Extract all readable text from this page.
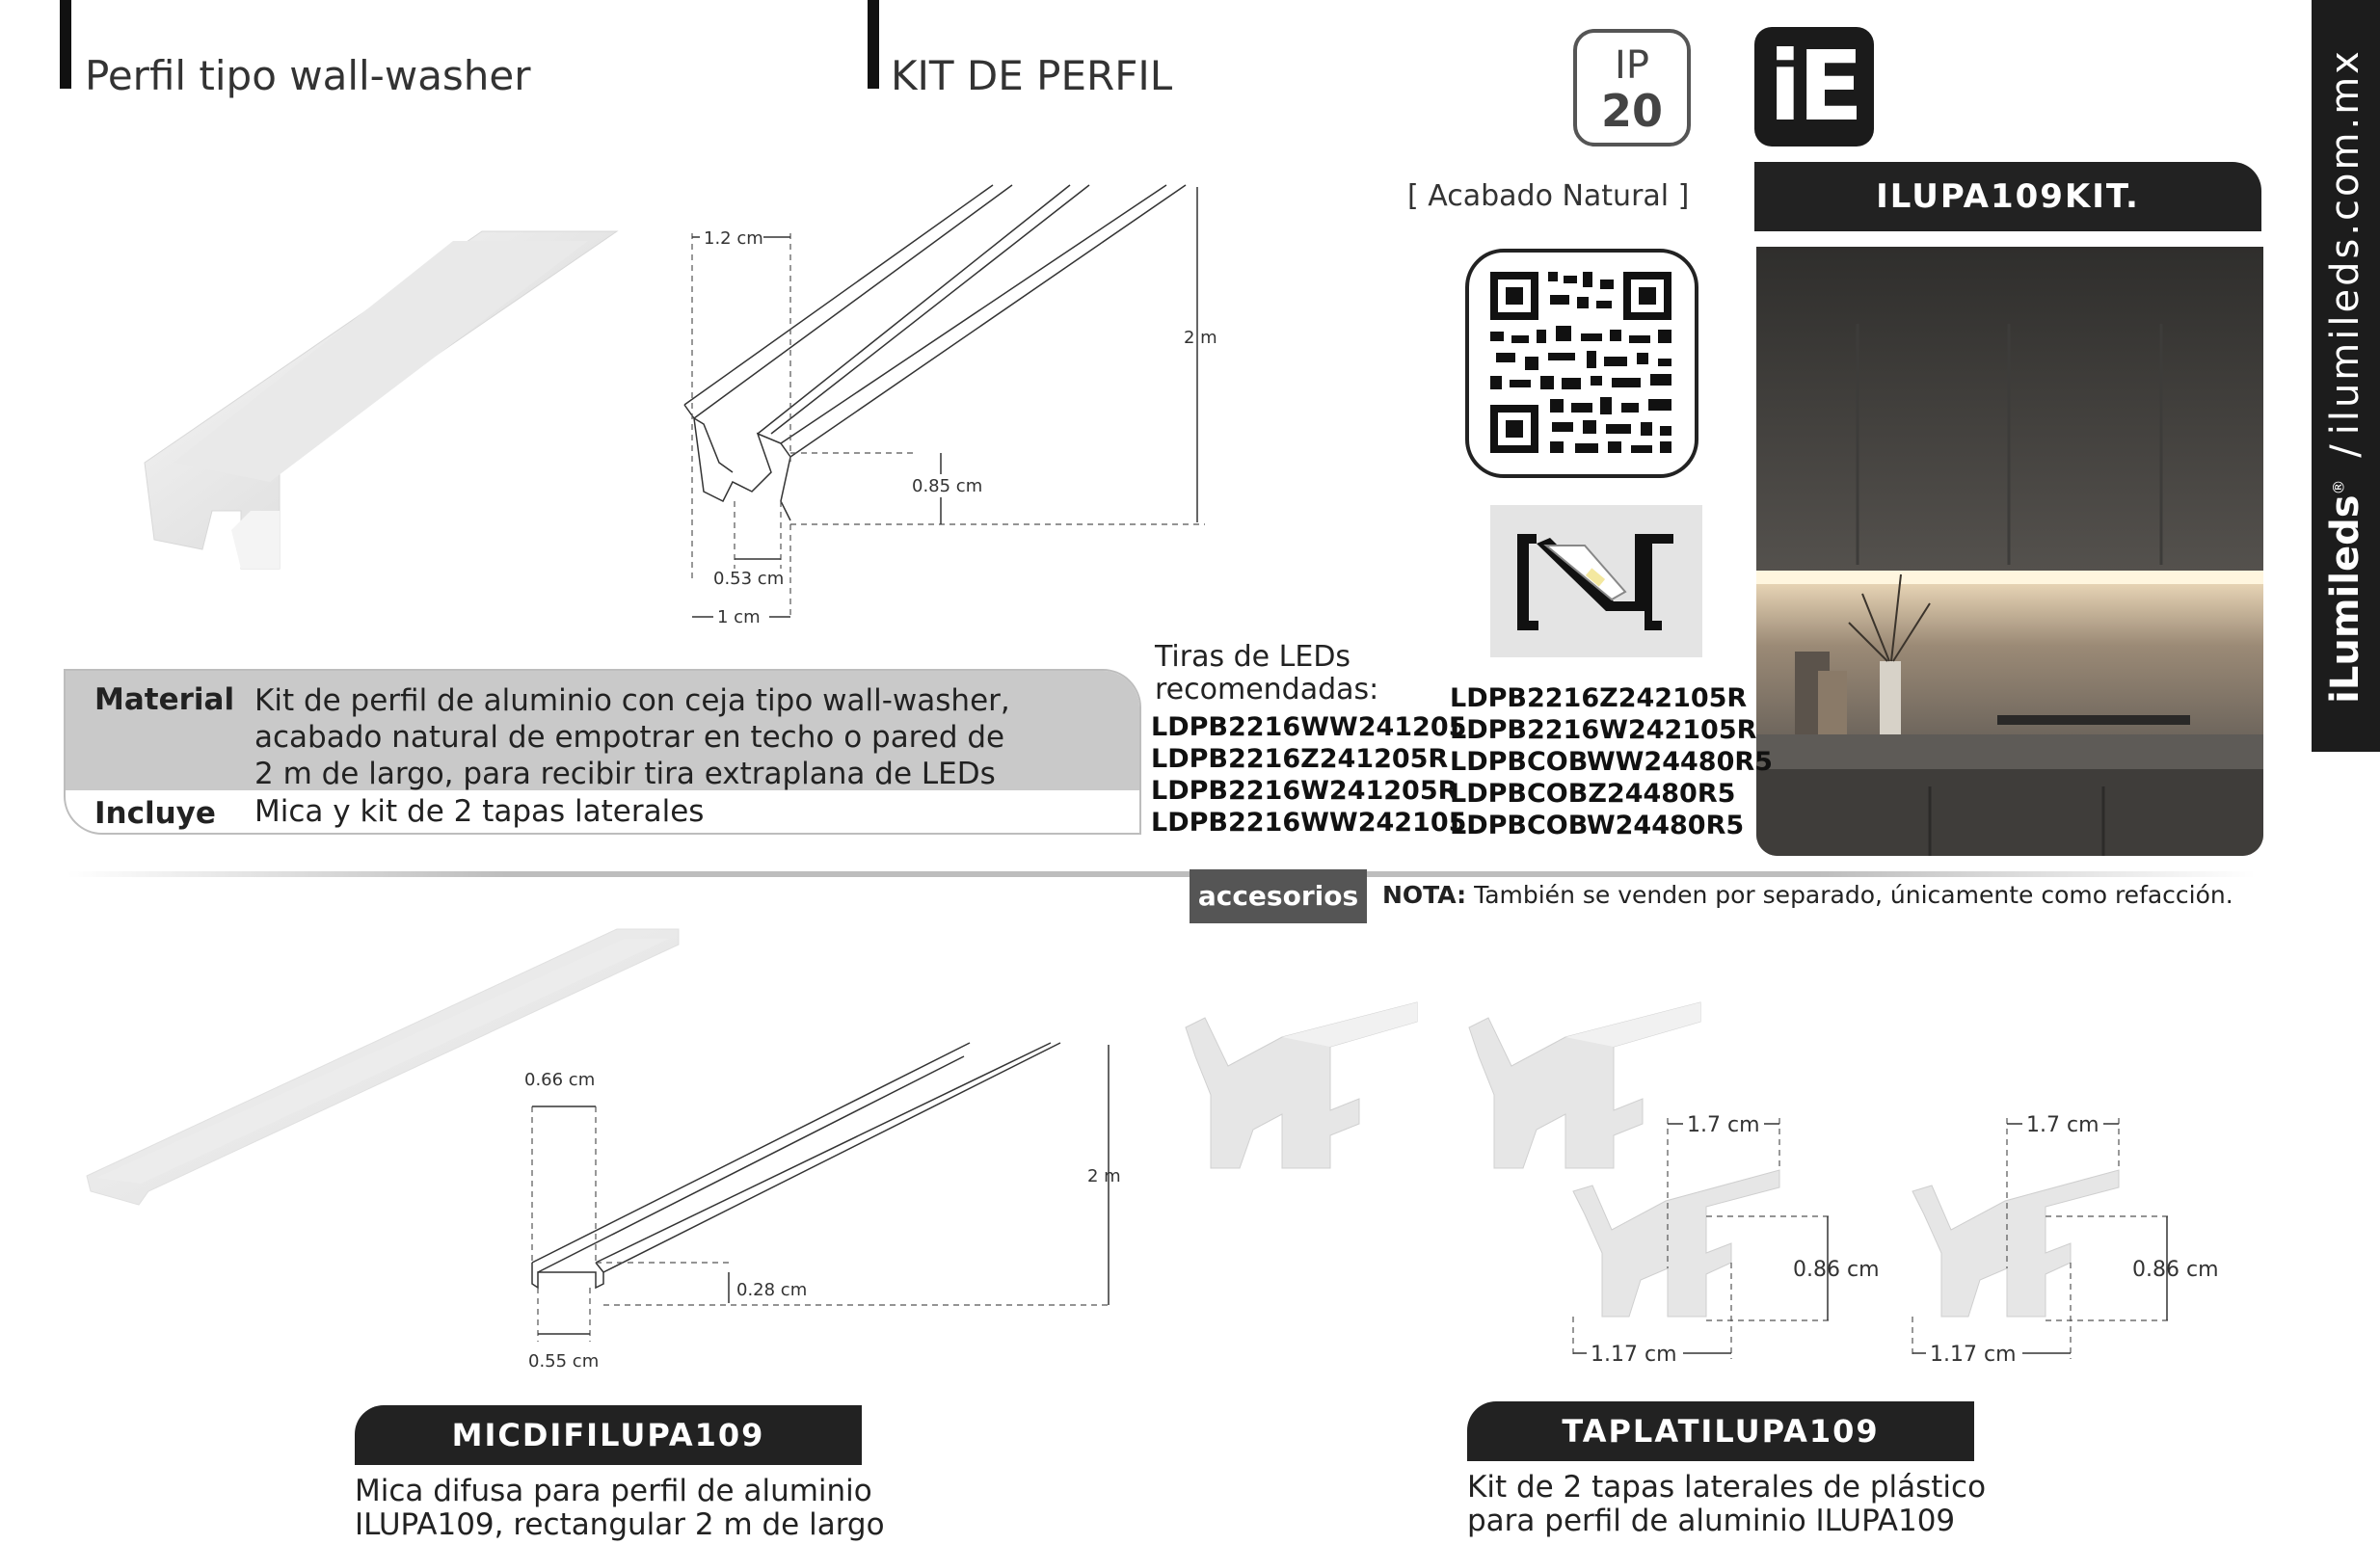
Perfil tipo wall-washer	KIT DE PERFIL	IP
20 iE
[ Acabado Natural ]	ILUPA109KIT.
iLumileds® /ilumileds.com.mx
1.2 cm
2 m
0.85 cm
0.53 cm
1 cm
Material Kit de perfil de aluminio con ceja tipo wall-washer,
acabado natural de empotrar en techo o pared de
2 m de largo, para recibir tira extraplana de LEDs
Incluye Mica y kit de 2 tapas laterales
Tiras de LEDs
recomendadas:
LDPB2216WW241205
LDPB2216Z241205R
LDPB2216W241205R
LDPB2216WW242105
LDPB2216Z242105R
LDPB2216W242105R
LDPBCOBWW24480R5
LDPBCOBZ24480R5
LDPBCOBW24480R5
accesorios NOTA: También se venden por separado, únicamente como refacción.
0.66 cm
2 m
0.28 cm
0.55 cm
MICDIFILUPA109
Mica difusa para perfil de aluminio
ILUPA109, rectangular 2 m de largo
1.7 cm
0.86 cm
1.17 cm
1.7 cm
0.86 cm
1.17 cm
TAPLATILUPA109
Kit de 2 tapas laterales de plástico
para perfil de aluminio ILUPA109
